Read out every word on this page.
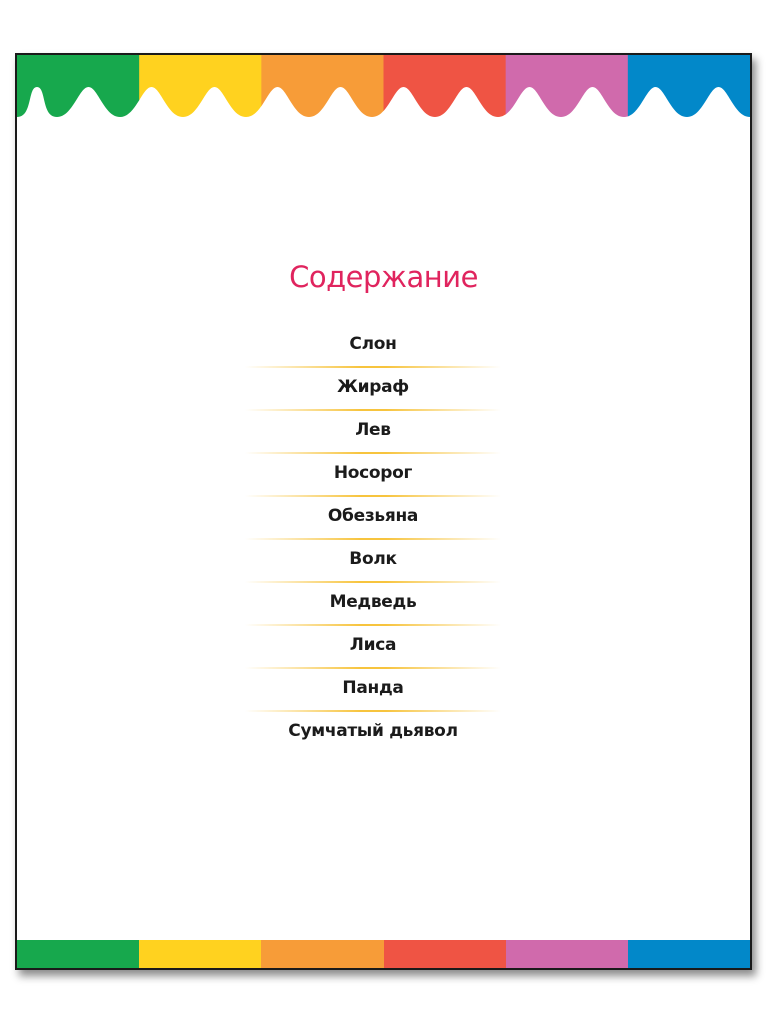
Содержание
Слон
Жираф
Лев
Носорог
Обезьяна
Волк
Медведь
Лиса
Панда
Сумчатый дьявол
